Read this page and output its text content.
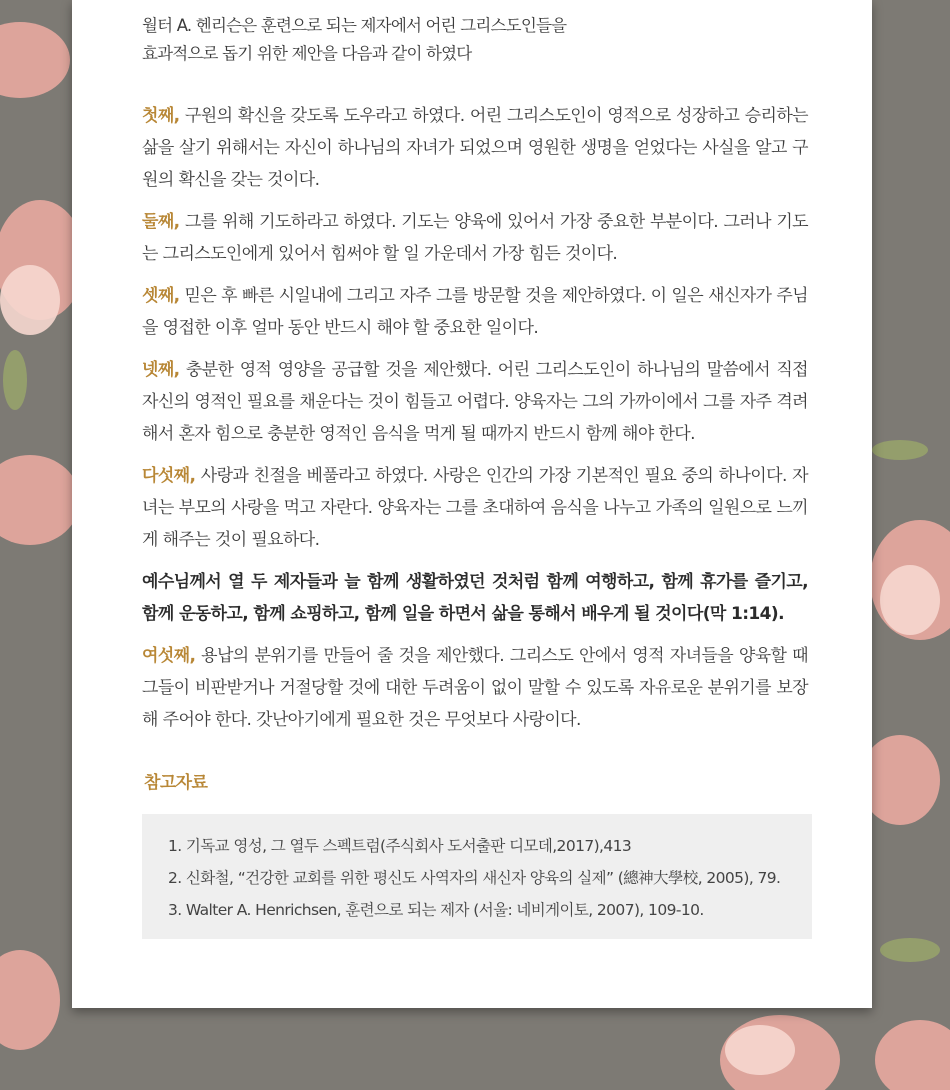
월터 A. 헨리슨은 훈련으로 되는 제자에서 어린 그리스도인들을

효과적으로 돕기 위한 제안을 다음과 같이 하였다

첫째, 구원의 확신을 갖도록 도우라고 하였다. 어린 그리스도인이 영적으로 성장하고 승리하는 삶을 살기 위해서는 자신이 하나님의 자녀가 되었으며 영원한 생명을 얻었다는 사실을 알고 구원의 확신을 갖는 것이다.

둘째, 그를 위해 기도하라고 하였다. 기도는 양육에 있어서 가장 중요한 부분이다. 그러나 기도는 그리스도인에게 있어서 힘써야 할 일 가운데서 가장 힘든 것이다.

셋째, 믿은 후 빠른 시일내에 그리고 자주 그를 방문할 것을 제안하였다. 이 일은 새신자가 주님을 영접한 이후 얼마 동안 반드시 해야 할 중요한 일이다.

넷째, 충분한 영적 영양을 공급할 것을 제안했다. 어린 그리스도인이 하나님의 말씀에서 직접 자신의 영적인 필요를 채운다는 것이 힘들고 어렵다. 양육자는 그의 가까이에서 그를 자주 격려해서 혼자 힘으로 충분한 영적인 음식을 먹게 될 때까지 반드시 함께 해야 한다.

다섯째, 사랑과 친절을 베풀라고 하였다. 사랑은 인간의 가장 기본적인 필요 중의 하나이다. 자녀는 부모의 사랑을 먹고 자란다. 양육자는 그를 초대하여 음식을 나누고 가족의 일원으로 느끼게 해주는 것이 필요하다.

예수님께서 열 두 제자들과 늘 함께 생활하였던 것처럼 함께 여행하고, 함께 휴가를 즐기고, 함께 운동하고, 함께 쇼핑하고, 함께 일을 하면서 삶을 통해서 배우게 될 것이다(막 1:14).

여섯째, 용납의 분위기를 만들어 줄 것을 제안했다. 그리스도 안에서 영적 자녀들을 양육할 때 그들이 비판받거나 거절당할 것에 대한 두려움이 없이 말할 수 있도록 자유로운 분위기를 보장해 주어야 한다. 갓난아기에게 필요한 것은 무엇보다 사랑이다.

참고자료
1. 기독교 영성, 그 열두 스펙트럼(주식회사 도서출판 디모데,2017),413
2. 신화철, “건강한 교회를 위한 평신도 사역자의 새신자 양육의 실제” (總神大學校, 2005), 79.
3. Walter A. Henrichsen, 훈련으로 되는 제자 (서울: 네비게이토, 2007), 109-10.
